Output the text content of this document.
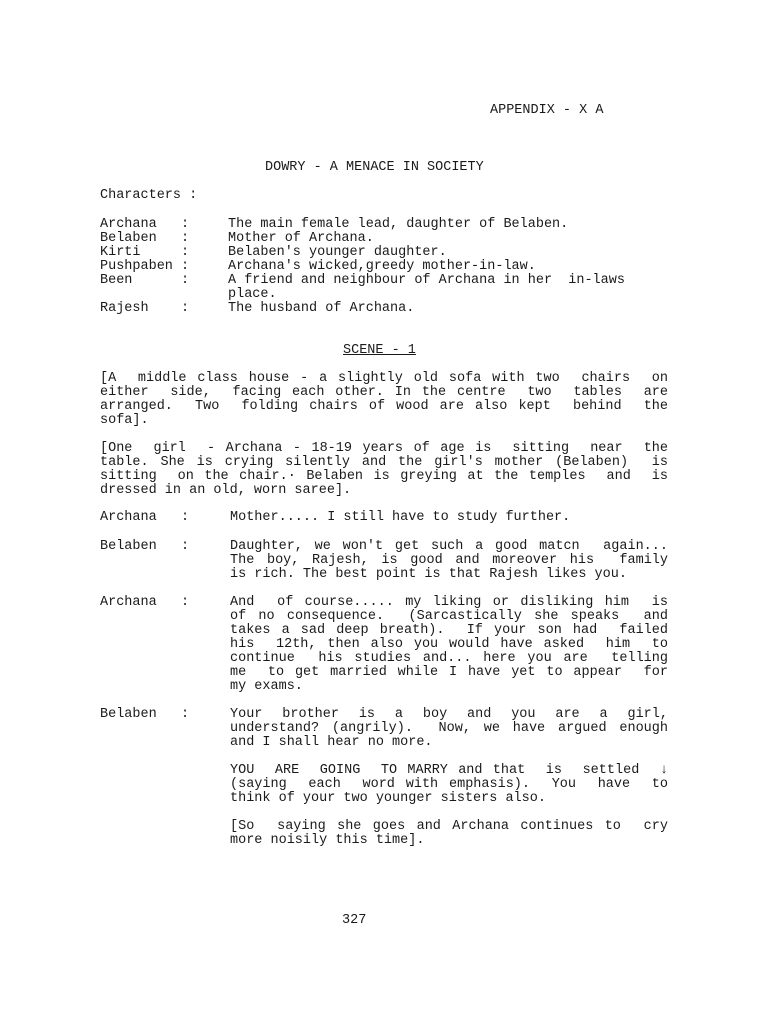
APPENDIX - X A
DOWRY - A MENACE IN SOCIETY
Characters :
Archana   :	The main female lead, daughter of Belaben.
Belaben   :	Mother of Archana.
Kirti     :	Belaben's younger daughter.
Pushpaben :	Archana's wicked,greedy mother-in-law.
Been      :	A friend and neighbour of Archana in her  in-laws
place.
Rajesh    :	The husband of Archana.
SCENE - 1
[A  middle class house - a slightly old sofa with two  chairs  on
either  side,  facing each other. In the centre  two  tables  are
arranged.  Two  folding chairs of wood are also kept  behind  the
sofa].
[One  girl  - Archana - 18-19 years of age is  sitting  near  the
table. She is crying silently and the girl's mother (Belaben)  is
sitting  on the chair.· Belaben is greying at the temples  and  is
dressed in an old, worn saree].
Archana   :	Mother..... I still have to study further.
Belaben   :	Daughter, we won't get such a good matcn  again...
The boy, Rajesh, is good and moreover his  family
is rich. The best point is that Rajesh likes you.
Archana   :	And  of course..... my liking or disliking him  is
of no consequence.  (Sarcastically she speaks  and
takes a sad deep breath).  If your son had  failed
his  12th, then also you would have asked  him  to
continue  his studies and... here you are  telling
me  to get married while I have yet to appear  for
my exams.
Belaben   :	Your  brother  is  a  boy  and  you  are  a  girl,
understand? (angrily).  Now, we have argued enough
and I shall hear no more.
YOU  ARE  GOING  TO MARRY and that  is  settled  ↓
(saying  each  word with emphasis).  You  have  to
think of your two younger sisters also.
[So  saying she goes and Archana continues to  cry
more noisily this time].
327
